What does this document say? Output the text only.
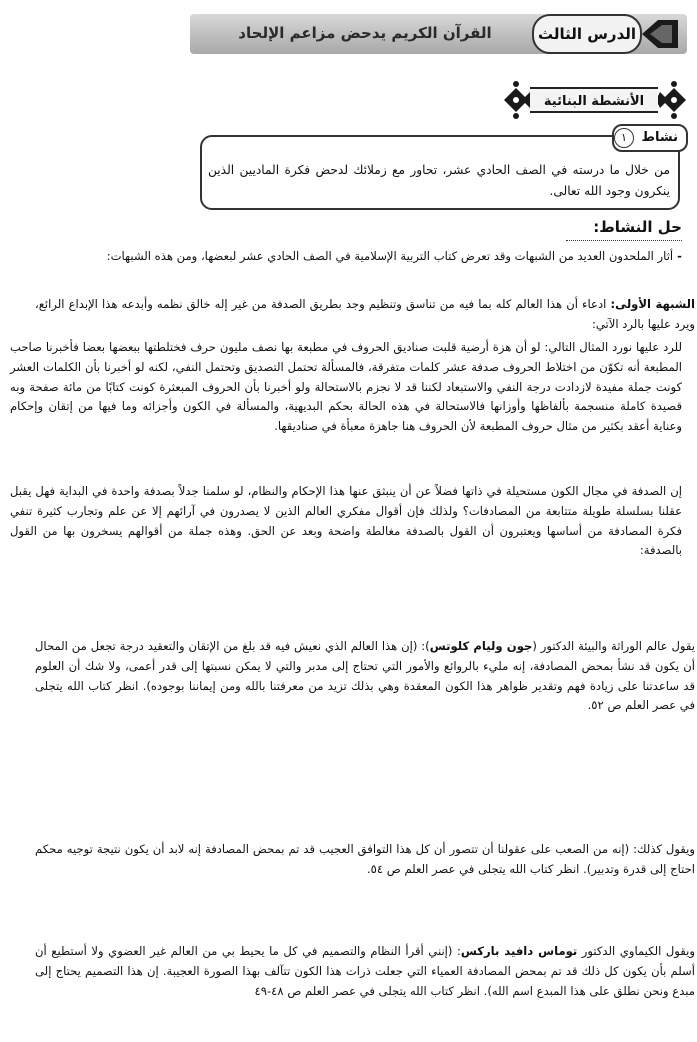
القرآن الكريم يدحض مزاعم الإلحاد	الدرس الثالث
الأنشطة البنائية
نشاط
١
من خلال ما درسته في الصف الحادي عشر، تحاور مع زملائك لدحض فكرة الماديين الذين ينكرون وجود الله تعالى.
حل النشاط:
- أثار الملحدون العديد من الشبهات وقد تعرض كتاب التربية الإسلامية في الصف الحادي عشر لبعضها، ومن هذه الشبهات:
الشبهة الأولى: ادعاء أن هذا العالم كله بما فيه من تناسق وتنظيم وجد بطريق الصدفة من غير إله خالق نظمه وأبدعه هذا الإبداع الرائع، ويرد عليها بالرد الآتي:
للرد عليها نورد المثال التالي: لو أن هزة أرضية قلبت صناديق الحروف في مطبعة بها نصف مليون حرف فختلطتها ببعضها بعضا فأخبرنا صاحب المطبعة أنه تكوّن من اختلاط الحروف صدفة عشر كلمات متفرقة، فالمسألة تحتمل التصديق وتحتمل النفي، لكنه لو أخبرنا بأن الكلمات العشر كونت جملة مفيدة لازدادت درجة النفي والاستبعاد لكننا قد لا نجزم بالاستحالة ولو أخبرنا بأن الحروف المبعثرة كونت كتابًا من مائة صفحة وبه قصيدة كاملة منسجمة بألفاظها وأوزانها فالاستحالة في هذه الحالة بحكم البديهية، والمسألة في الكون وأجزائه وما فيها من إتقان وإحكام وعناية أعقد بكثير من مثال حروف المطبعة لأن الحروف هنا جاهزة معبأة في صناديقها.
إن الصدفة في مجال الكون مستحيلة في ذاتها فضلاً عن أن ينبثق عنها هذا الإحكام والنظام، لو سلمنا جدلاً بصدفة واحدة في البداية فهل يقبل عقلنا بسلسلة طويلة متتابعة من المصادفات؟ ولذلك فإن أقوال مفكري العالم الذين لا يصدرون في آرائهم إلا عن علم وتجارب كثيرة تنفي فكرة المصادفة من أساسها ويعتبرون أن القول بالصدفة مغالطة واضحة وبعد عن الحق. وهذه جملة من أقوالهم يسخرون بها من القول بالصدفة:
يقول عالم الوراثة والبيئة الدكتور (جون وليام كلوتس): (إن هذا العالم الذي نعيش فيه قد بلغ من الإتقان والتعقيد درجة تجعل من المحال أن يكون قد نشأ بمحض المصادفة، إنه مليء بالروائع والأمور التي تحتاج إلى مدبر والتي لا يمكن نسبتها إلى قدر أعمى، ولا شك أن العلوم قد ساعدتنا على زيادة فهم وتقدير ظواهر هذا الكون المعقدة وهي بذلك تزيد من معرفتنا بالله ومن إيماننا بوجوده). انظر كتاب الله يتجلى في عصر العلم ص ٥٢.
ويقول كذلك: (إنه من الصعب على عقولنا أن تتصور أن كل هذا التوافق العجيب قد تم بمحض المصادفة إنه لابد أن يكون نتيجة توجيه محكم احتاج إلى قدرة وتدبير). انظر كتاب الله يتجلى في عصر العلم ص ٥٤.
ويقول الكيماوي الدكتور توماس دافيد باركس: (إنني أقرأ النظام والتصميم في كل ما يحيط بي من العالم غير العضوي ولا أستطيع أن أسلم بأن يكون كل ذلك قد تم بمحض المصادفة العمياء التي جعلت ذرات هذا الكون تتآلف بهذا الصورة العجيبة. إن هذا التصميم يحتاج إلى مبدع ونحن نطلق على هذا المبدع اسم الله). انظر كتاب الله يتجلى في عصر العلم ص ٤٨-٤٩
